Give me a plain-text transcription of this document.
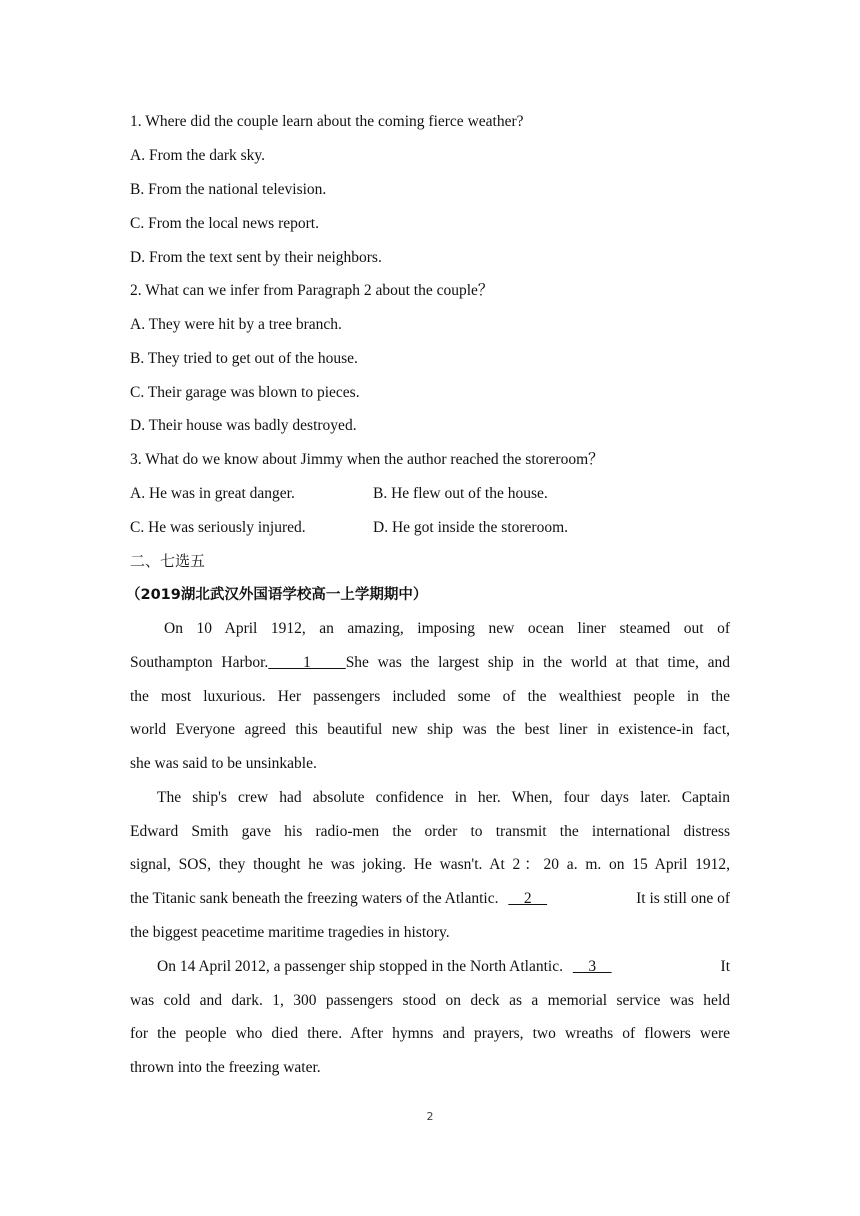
1. Where did the couple learn about the coming fierce weather?
A. From the dark sky.
B. From the national television.
C. From the local news report.
D. From the text sent by their neighbors.
2. What can we infer from Paragraph 2 about the couple？
A. They were hit by a tree branch.
B. They tried to get out of the house.
C. Their garage was blown to pieces.
D. Their house was badly destroyed.
3. What do we know about Jimmy when the author reached the storeroom？
A. He was in great danger.	B. He flew out of the house.
C. He was seriously injured.	D. He got inside the storeroom.
二、七选五
（2019湖北武汉外国语学校高一上学期期中）
On 10 April 1912, an amazing, imposing new ocean liner steamed out of
Southampton Harbor.    1    She was the largest ship in the world at that time, and
the most luxurious. Her passengers included some of the wealthiest people in the
world Everyone agreed this beautiful new ship was the best liner in existence-in fact,
she was said to be unsinkable.
The ship's crew had absolute confidence in her. When, four days later. Captain
Edward Smith gave his radio-men the order to transmit the international distress
signal, SOS, they thought he was joking. He wasn't. At 2：20 a. m. on 15 April 1912,
the Titanic sank beneath the freezing waters of the Atlantic.     2	It is still one of
the biggest peacetime maritime tragedies in history.
On 14 April 2012, a passenger ship stopped in the North Atlantic.     3	It
was cold and dark. 1, 300 passengers stood on deck as a memorial service was held
for the people who died there. After hymns and prayers, two wreaths of flowers were
thrown into the freezing water.
2
